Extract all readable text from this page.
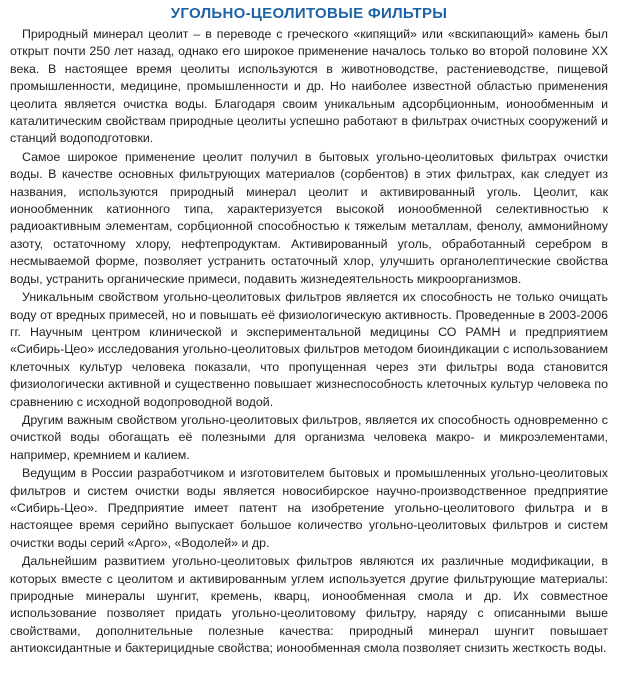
УГОЛЬНО-ЦЕОЛИТОВЫЕ ФИЛЬТРЫ

Природный минерал цеолит – в переводе с греческого «кипящий» или «вскипающий» камень был открыт почти 250 лет назад, однако его широкое применение началось только во второй половине XX века. В настоящее время цеолиты используются в животноводстве, растениеводстве, пищевой промышленности, медицине, промышленности и др. Но наиболее известной областью применения цеолита является очистка воды. Благодаря своим уникальным адсорбционным, ионообменным и каталитическим свойствам природные цеолиты успешно работают в фильтрах очистных сооружений и станций водоподготовки.

Самое широкое применение цеолит получил в бытовых угольно-цеолитовых фильтрах очистки воды. В качестве основных фильтрующих материалов (сорбентов) в этих фильтрах, как следует из названия, используются природный минерал цеолит и активированный уголь. Цеолит, как ионообменник катионного типа, характеризуется высокой ионообменной селективностью к радиоактивным элементам, сорбционной способностью к тяжелым металлам, фенолу, аммонийному азоту, остаточному хлору, нефтепродуктам. Активированный уголь, обработанный серебром в несмываемой форме, позволяет устранить остаточный хлор, улучшить органолептические свойства воды, устранить органические примеси, подавить жизнедеятельность микроорганизмов.

Уникальным свойством угольно-цеолитовых фильтров является их способность не только очищать воду от вредных примесей, но и повышать её физиологическую активность. Проведенные в 2003-2006 гг. Научным центром клинической и экспериментальной медицины СО РАМН и предприятием «Сибирь-Цео» исследования угольно-цеолитовых фильтров методом биоиндикации с использованием клеточных культур человека показали, что пропущенная через эти фильтры вода становится физиологически активной и существенно повышает жизнеспособность клеточных культур человека по сравнению с исходной водопроводной водой.

Другим важным свойством угольно-цеолитовых фильтров, является их способность одновременно с очисткой воды обогащать её полезными для организма человека макро- и микроэлементами, например, кремнием и калием.

Ведущим в России разработчиком и изготовителем бытовых и промышленных угольно-цеолитовых фильтров и систем очистки воды является новосибирское научно-производственное предприятие «Сибирь-Цео». Предприятие имеет патент на изобретение угольно-цеолитового фильтра и в настоящее время серийно выпускает большое количество угольно-цеолитовых фильтров и систем очистки воды серий «Арго», «Водолей» и др.

Дальнейшим развитием угольно-цеолитовых фильтров являются их различные модификации, в которых вместе с цеолитом и активированным углем используется другие фильтрующие материалы: природные минералы шунгит, кремень, кварц, ионообменная смола и др. Их совместное использование позволяет придать угольно-цеолитовому фильтру, наряду с описанными выше свойствами, дополнительные полезные качества: природный минерал шунгит повышает антиоксидантные и бактерицидные свойства; ионообменная смола позволяет снизить жесткость воды.
